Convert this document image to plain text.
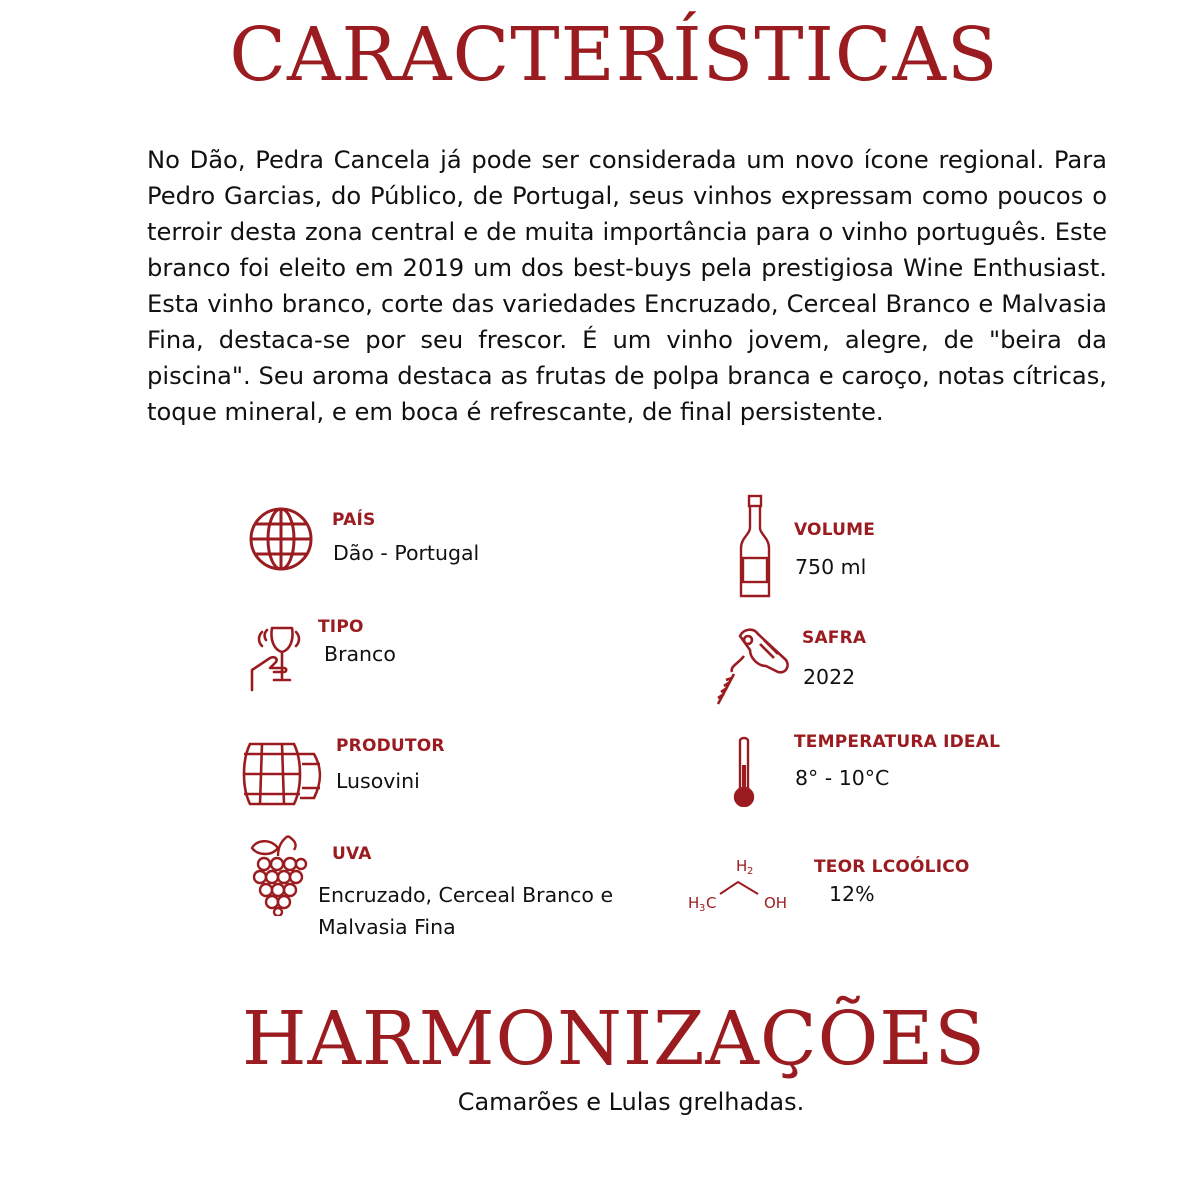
CARACTERÍSTICAS

No Dão, Pedra Cancela já pode ser considerada um novo ícone regional. Para Pedro Garcias, do Público, de Portugal, seus vinhos expressam como poucos o terroir desta zona central e de muita importância para o vinho português. Este branco foi eleito em 2019 um dos best-buys pela prestigiosa Wine Enthusiast. Esta vinho branco, corte das variedades Encruzado, Cerceal Branco e Malvasia Fina, destaca-se por seu frescor. É um vinho jovem, alegre, de "beira da piscina". Seu aroma destaca as frutas de polpa branca e caroço, notas cítricas, toque mineral, e em boca é refrescante, de final persistente.

PAÍS
Dão - Portugal
TIPO
Branco
PRODUTOR
Lusovini
UVA
Encruzado, Cerceal Branco e Malvasia Fina
VOLUME
750 ml
SAFRA
2022
TEMPERATURA IDEAL
8° - 10°C
H 2
H 3 C	OH
TEOR LCOÓLICO
12%
HARMONIZAÇÕES
Camarões e Lulas grelhadas.
